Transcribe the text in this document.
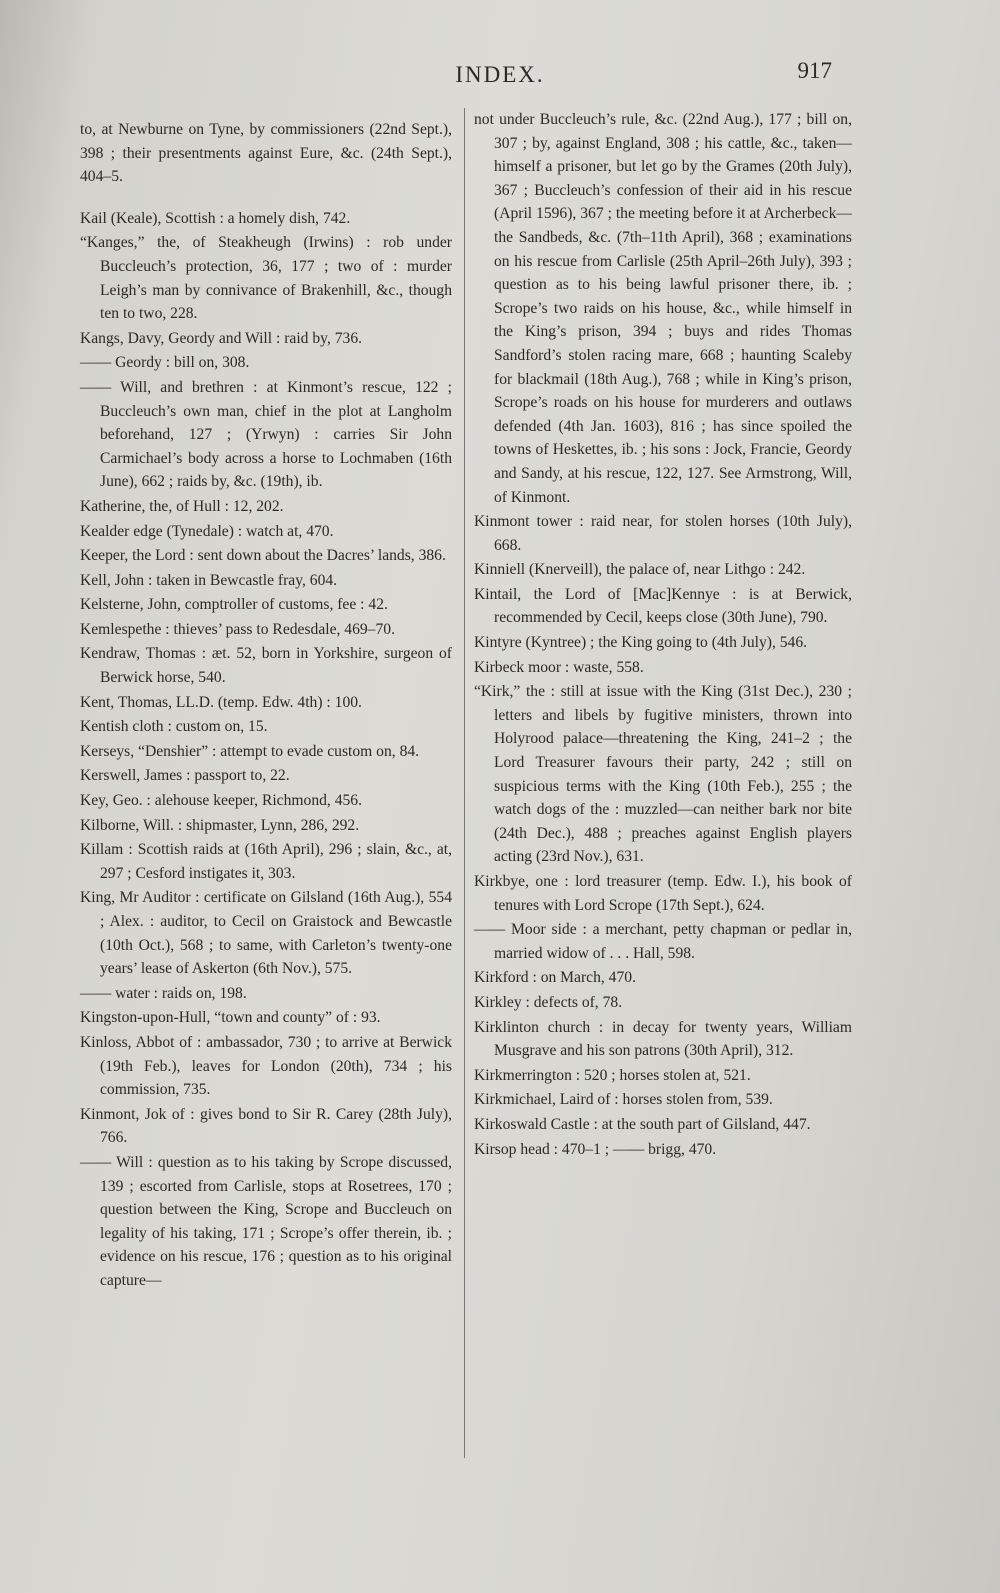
INDEX.	917

to, at Newburne on Tyne, by commissioners (22nd Sept.), 398 ; their presentments against Eure, &c. (24th Sept.), 404–5.

Kail (Keale), Scottish : a homely dish, 742.

“Kanges,” the, of Steakheugh (Irwins) : rob under Buccleuch’s protection, 36, 177 ; two of : murder Leigh’s man by connivance of Brakenhill, &c., though ten to two, 228.

Kangs, Davy, Geordy and Will : raid by, 736.

—— Geordy : bill on, 308.

—— Will, and brethren : at Kinmont’s rescue, 122 ; Buccleuch’s own man, chief in the plot at Langholm beforehand, 127 ; (Yrwyn) : carries Sir John Carmichael’s body across a horse to Lochmaben (16th June), 662 ; raids by, &c. (19th), ib.

Katherine, the, of Hull : 12, 202.

Kealder edge (Tynedale) : watch at, 470.

Keeper, the Lord : sent down about the Dacres’ lands, 386.

Kell, John : taken in Bewcastle fray, 604.

Kelsterne, John, comptroller of customs, fee : 42.

Kemlespethe : thieves’ pass to Redesdale, 469–70.

Kendraw, Thomas : æt. 52, born in Yorkshire, surgeon of Berwick horse, 540.

Kent, Thomas, LL.D. (temp. Edw. 4th) : 100.

Kentish cloth : custom on, 15.

Kerseys, “Denshier” : attempt to evade custom on, 84.

Kerswell, James : passport to, 22.

Key, Geo. : alehouse keeper, Richmond, 456.

Kilborne, Will. : shipmaster, Lynn, 286, 292.

Killam : Scottish raids at (16th April), 296 ; slain, &c., at, 297 ; Cesford instigates it, 303.

King, Mr Auditor : certificate on Gilsland (16th Aug.), 554 ; Alex. : auditor, to Cecil on Graistock and Bewcastle (10th Oct.), 568 ; to same, with Carleton’s twenty-one years’ lease of Askerton (6th Nov.), 575.

—— water : raids on, 198.

Kingston-upon-Hull, “town and county” of : 93.

Kinloss, Abbot of : ambassador, 730 ; to arrive at Berwick (19th Feb.), leaves for London (20th), 734 ; his commission, 735.

Kinmont, Jok of : gives bond to Sir R. Carey (28th July), 766.

—— Will : question as to his taking by Scrope discussed, 139 ; escorted from Carlisle, stops at Rosetrees, 170 ; question between the King, Scrope and Buccleuch on legality of his taking, 171 ; Scrope’s offer therein, ib. ; evidence on his rescue, 176 ; question as to his original capture—

not under Buccleuch’s rule, &c. (22nd Aug.), 177 ; bill on, 307 ; by, against England, 308 ; his cattle, &c., taken—himself a prisoner, but let go by the Grames (20th July), 367 ; Buccleuch’s confession of their aid in his rescue (April 1596), 367 ; the meeting before it at Archerbeck—the Sandbeds, &c. (7th–11th April), 368 ; examinations on his rescue from Carlisle (25th April–26th July), 393 ; question as to his being lawful prisoner there, ib. ; Scrope’s two raids on his house, &c., while himself in the King’s prison, 394 ; buys and rides Thomas Sandford’s stolen racing mare, 668 ; haunting Scaleby for blackmail (18th Aug.), 768 ; while in King’s prison, Scrope’s roads on his house for murderers and outlaws defended (4th Jan. 1603), 816 ; has since spoiled the towns of Heskettes, ib. ; his sons : Jock, Francie, Geordy and Sandy, at his rescue, 122, 127. See Armstrong, Will, of Kinmont.

Kinmont tower : raid near, for stolen horses (10th July), 668.

Kinniell (Knerveill), the palace of, near Lithgo : 242.

Kintail, the Lord of [Mac]Kennye : is at Berwick, recommended by Cecil, keeps close (30th June), 790.

Kintyre (Kyntree) ; the King going to (4th July), 546.

Kirbeck moor : waste, 558.

“Kirk,” the : still at issue with the King (31st Dec.), 230 ; letters and libels by fugitive ministers, thrown into Holyrood palace—threatening the King, 241–2 ; the Lord Treasurer favours their party, 242 ; still on suspicious terms with the King (10th Feb.), 255 ; the watch dogs of the : muzzled—can neither bark nor bite (24th Dec.), 488 ; preaches against English players acting (23rd Nov.), 631.

Kirkbye, one : lord treasurer (temp. Edw. I.), his book of tenures with Lord Scrope (17th Sept.), 624.

—— Moor side : a merchant, petty chapman or pedlar in, married widow of . . . Hall, 598.

Kirkford : on March, 470.

Kirkley : defects of, 78.

Kirklinton church : in decay for twenty years, William Musgrave and his son patrons (30th April), 312.

Kirkmerrington : 520 ; horses stolen at, 521.

Kirkmichael, Laird of : horses stolen from, 539.

Kirkoswald Castle : at the south part of Gilsland, 447.

Kirsop head : 470–1 ; —— brigg, 470.
